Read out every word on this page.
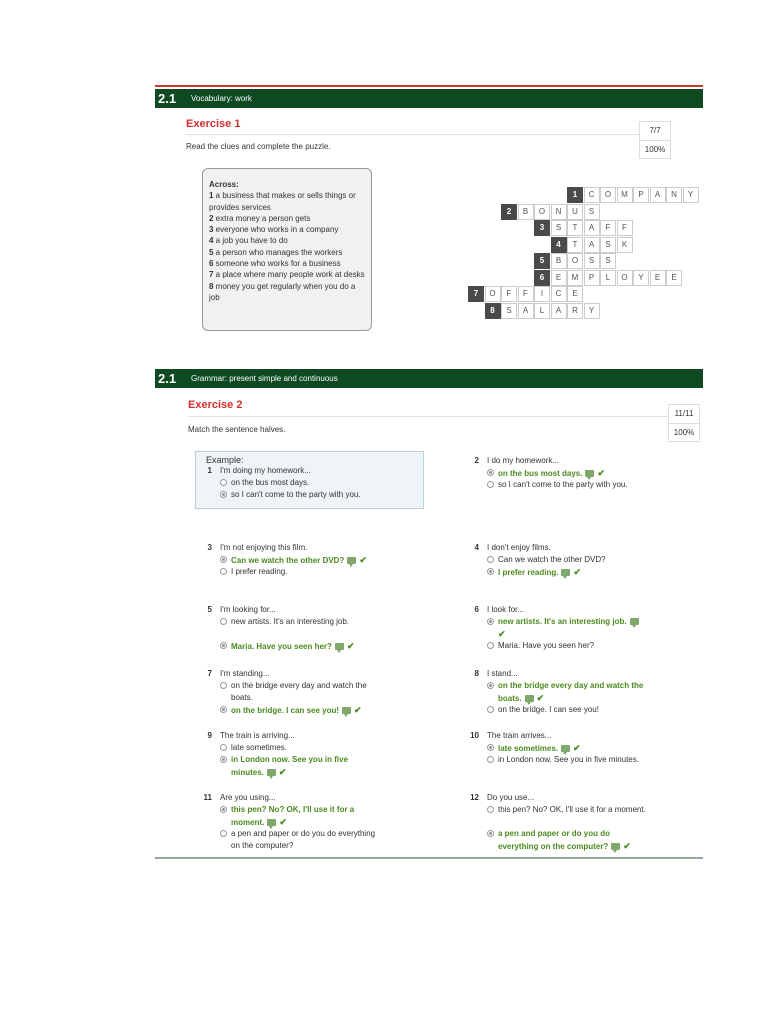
2.1	Vocabulary: work
Exercise 1
7/7
100%
Read the clues and complete the puzzle.
Across:
1 a business that makes or sells things or provides services
2 extra money a person gets
3 everyone who works in a company
4 a job you have to do
5 a person who manages the workers
6 someone who works for a business
7 a place where many people work at desks
8 money you get regularly when you do a job
1	C	O	M	P	A	N	Y
2	B	O	N	U	S
3	S	T	A	F	F
4	T	A	S	K
5	B	O	S	S
6	E	M	P	L	O	Y	E	E
7	O	F	F	I	C	E
8	S	A	L	A	R	Y
2.1	Grammar: present simple and continuous
Exercise 2
11/11
100%
Match the sentence halves.
Example:
1 I'm doing my homework...
on the bus most days.
so I can't come to the party with you.
2 I do my homework...
on the bus most days. ✔
so I can't come to the party with you.
3 I'm not enjoying this film.
Can we watch the other DVD? ✔
I prefer reading.
4 I don't enjoy films.
Can we watch the other DVD?
I prefer reading. ✔
5 I'm looking for...
new artists. It's an interesting job.
Maria. Have you seen her? ✔
6 I look for...
new artists. It's an interesting job.✔
Maria. Have you seen her?
7 I'm standing...
on the bridge every day and watch the boats.
on the bridge. I can see you! ✔
8 I stand...
on the bridge every day and watch the boats. ✔
on the bridge. I can see you!
9 The train is arriving...
late sometimes.
in London now. See you in five minutes. ✔
10 The train arrives...
late sometimes. ✔
in London now. See you in five minutes.
11 Are you using...
this pen? No? OK, I'll use it for a moment. ✔
a pen and paper or do you do everything on the computer?
12 Do you use...
this pen? No? OK, I'll use it for a moment.
a pen and paper or do you do everything on the computer? ✔
